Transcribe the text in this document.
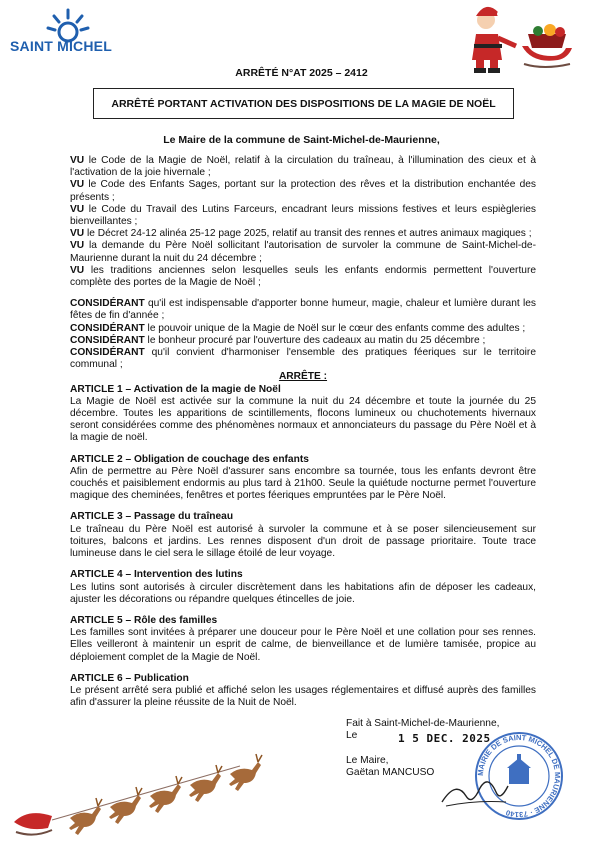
SAINT MICHEL
ARRÊTÉ N°AT 2025 – 2412
ARRÊTÉ PORTANT ACTIVATION DES DISPOSITIONS DE LA MAGIE DE NOËL
Le Maire de la commune de Saint-Michel-de-Maurienne,

VU le Code de la Magie de Noël, relatif à la circulation du traîneau, à l'illumination des cieux et à l'activation de la joie hivernale ;

VU le Code des Enfants Sages, portant sur la protection des rêves et la distribution enchantée des présents ;

VU le Code du Travail des Lutins Farceurs, encadrant leurs missions festives et leurs espiègleries bienveillantes ;

VU le Décret 24-12 alinéa 25-12 page 2025, relatif au transit des rennes et autres animaux magiques ;

VU la demande du Père Noël sollicitant l'autorisation de survoler la commune de Saint-Michel-de-Maurienne durant la nuit du 24 décembre ;

VU les traditions anciennes selon lesquelles seuls les enfants endormis permettent l'ouverture complète des portes de la Magie de Noël ;

CONSIDÉRANT qu'il est indispensable d'apporter bonne humeur, magie, chaleur et lumière durant les fêtes de fin d'année ;

CONSIDÉRANT le pouvoir unique de la Magie de Noël sur le cœur des enfants comme des adultes ;

CONSIDÉRANT le bonheur procuré par l'ouverture des cadeaux au matin du 25 décembre ;

CONSIDÉRANT qu'il convient d'harmoniser l'ensemble des pratiques féeriques sur le territoire communal ;

ARRÊTE :

ARTICLE 1 – Activation de la magie de Noël

La Magie de Noël est activée sur la commune la nuit du 24 décembre et toute la journée du 25 décembre. Toutes les apparitions de scintillements, flocons lumineux ou chuchotements hivernaux seront considérées comme des phénomènes normaux et annonciateurs du passage du Père Noël et à la magie de noël.

ARTICLE 2 – Obligation de couchage des enfants

Afin de permettre au Père Noël d'assurer sans encombre sa tournée, tous les enfants devront être couchés et paisiblement endormis au plus tard à 21h00. Seule la quiétude nocturne permet l'ouverture magique des cheminées, fenêtres et portes féeriques empruntées par le Père Noël.

ARTICLE 3 – Passage du traîneau

Le traîneau du Père Noël est autorisé à survoler la commune et à se poser silencieusement sur toitures, balcons et jardins. Les rennes disposent d'un droit de passage prioritaire. Toute trace lumineuse dans le ciel sera le sillage étoilé de leur voyage.

ARTICLE 4 – Intervention des lutins

Les lutins sont autorisés à circuler discrètement dans les habitations afin de déposer les cadeaux, ajuster les décorations ou répandre quelques étincelles de joie.

ARTICLE 5 – Rôle des familles

Les familles sont invitées à préparer une douceur pour le Père Noël et une collation pour ses rennes. Elles veilleront à maintenir un esprit de calme, de bienveillance et de lumière tamisée, propice au déploiement complet de la Magie de Noël.

ARTICLE 6 – Publication

Le présent arrêté sera publié et affiché selon les usages réglementaires et diffusé auprès des familles afin d'assurer la pleine réussite de la Nuit de Noël.

Fait à Saint-Michel-de-Maurienne,
Le
Le Maire,
Gaëtan MANCUSO
1 5 DEC. 2025
MAIRIE DE SAINT MICHEL DE MAURIENNE · 73140
